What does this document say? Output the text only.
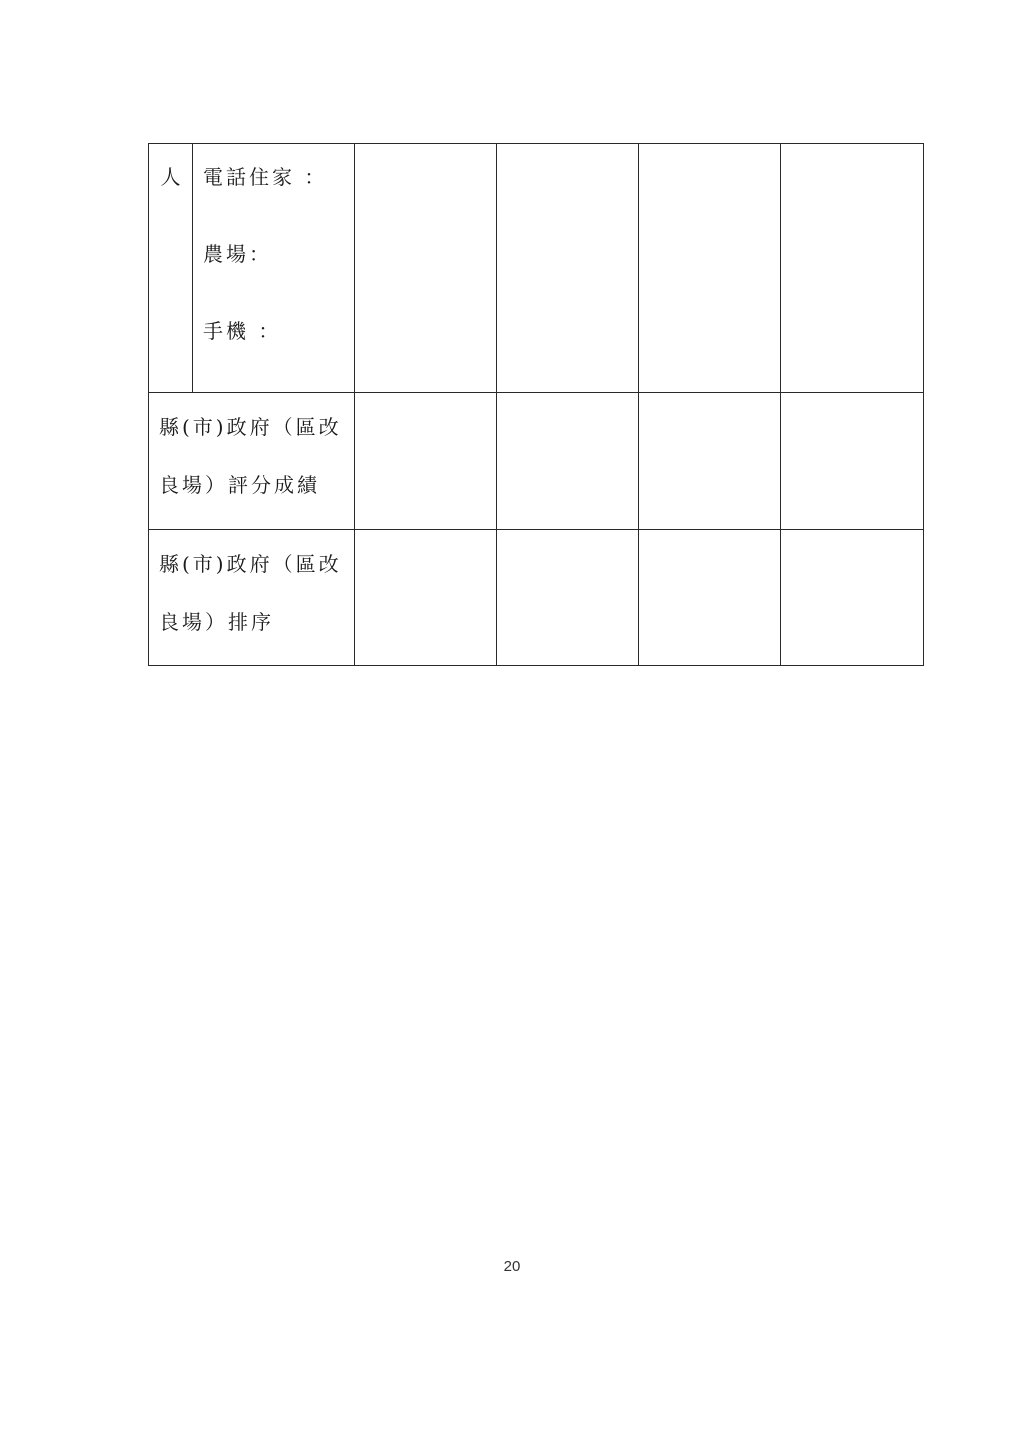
人	電話住家 ：
農場：
手機 ：				

縣(市)政府（區改
良場）評分成績					

縣(市)政府（區改
良場）排序					

20
